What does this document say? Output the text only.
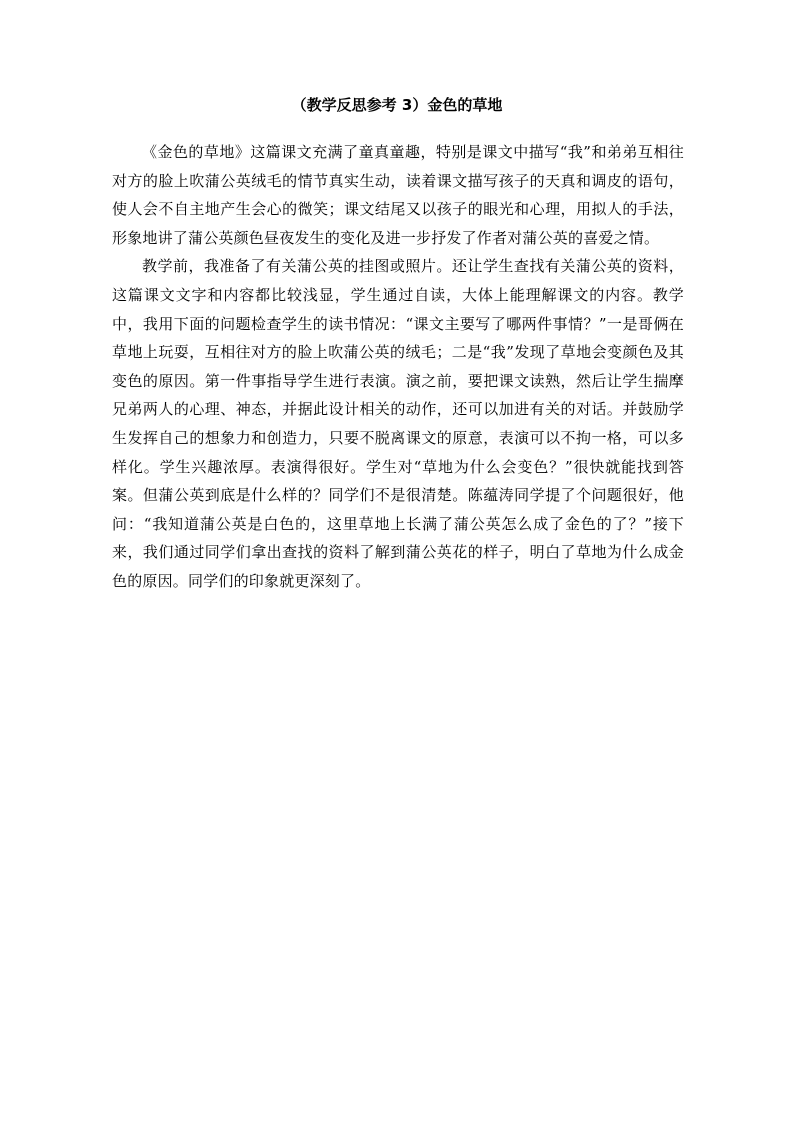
（教学反思参考 3）金色的草地

《金色的草地》这篇课文充满了童真童趣，特别是课文中描写“我”和弟弟互相往对方的脸上吹蒲公英绒毛的情节真实生动，读着课文描写孩子的天真和调皮的语句，使人会不自主地产生会心的微笑；课文结尾又以孩子的眼光和心理，用拟人的手法，形象地讲了蒲公英颜色昼夜发生的变化及进一步抒发了作者对蒲公英的喜爱之情。

教学前，我准备了有关蒲公英的挂图或照片。还让学生查找有关蒲公英的资料，这篇课文文字和内容都比较浅显，学生通过自读，大体上能理解课文的内容。教学中，我用下面的问题检查学生的读书情况：“课文主要写了哪两件事情？”一是哥俩在草地上玩耍，互相往对方的脸上吹蒲公英的绒毛；二是“我”发现了草地会变颜色及其变色的原因。第一件事指导学生进行表演。演之前，要把课文读熟，然后让学生揣摩兄弟两人的心理、神态，并据此设计相关的动作，还可以加进有关的对话。并鼓励学生发挥自己的想象力和创造力，只要不脱离课文的原意，表演可以不拘一格，可以多样化。学生兴趣浓厚。表演得很好。学生对“草地为什么会变色？”很快就能找到答案。但蒲公英到底是什么样的？同学们不是很清楚。陈蕴涛同学提了个问题很好，他问：“我知道蒲公英是白色的，这里草地上长满了蒲公英怎么成了金色的了？”接下来，我们通过同学们拿出查找的资料了解到蒲公英花的样子，明白了草地为什么成金色的原因。同学们的印象就更深刻了。
